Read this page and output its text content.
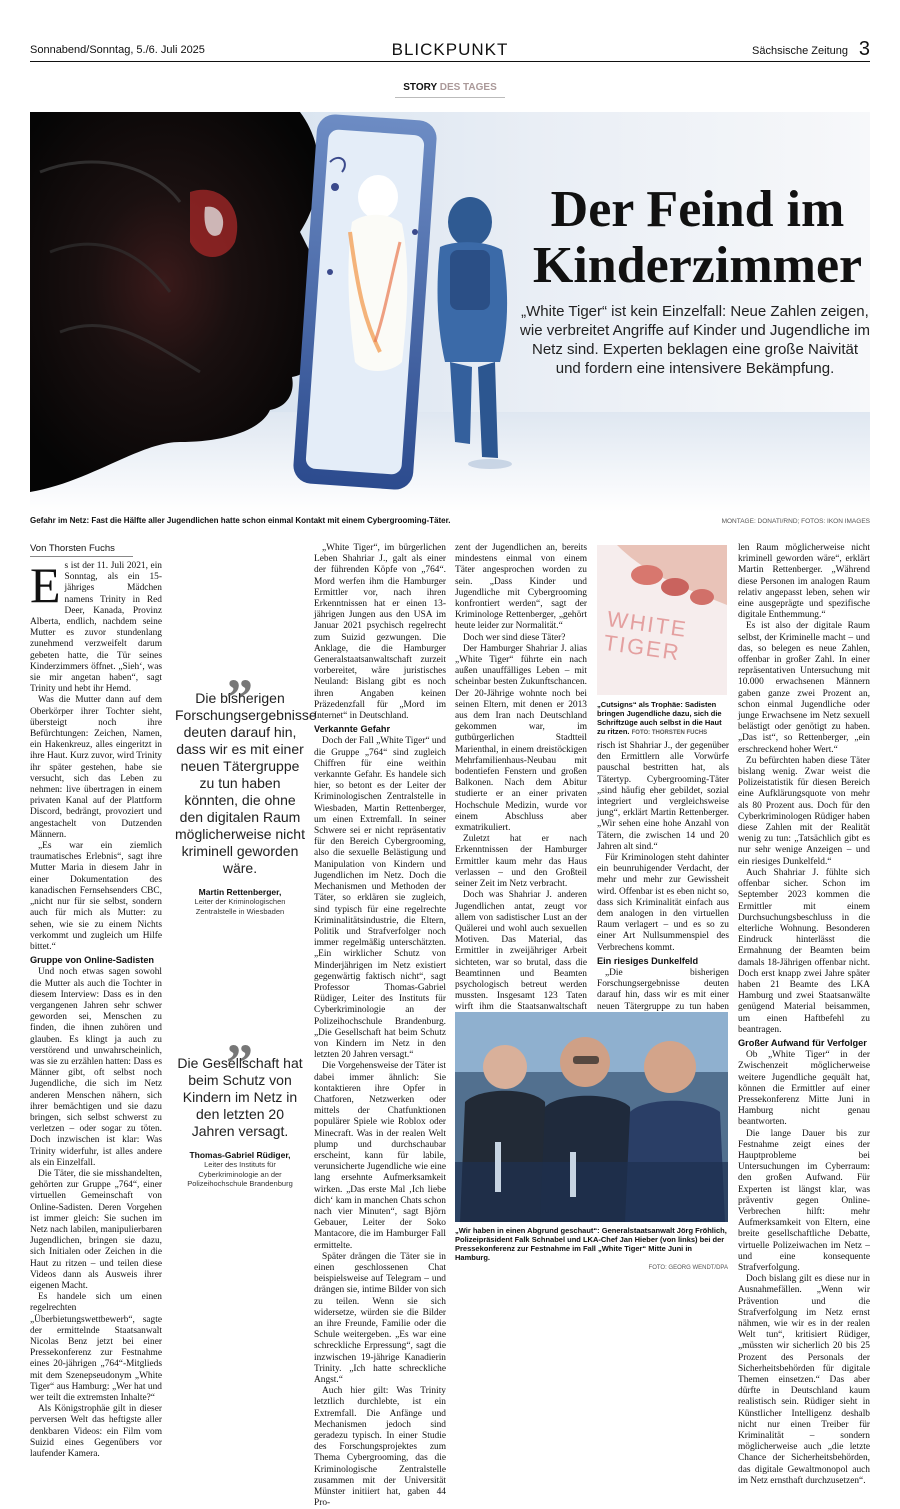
Sonnabend/Sonntag, 5./6. Juli 2025	BLICKPUNKT	Sächsische Zeitung 3
STORY DES TAGES
Der Feind im
Kinderzimmer
„White Tiger“ ist kein Einzelfall: Neue Zahlen zeigen, wie verbreitet Angriffe auf Kinder und Jugendliche im Netz sind. Experten beklagen eine große Naivität und fordern eine intensivere Bekämpfung.
Gefahr im Netz: Fast die Hälfte aller Jugendlichen hatte schon einmal Kontakt mit einem Cybergrooming-Täter.	MONTAGE: DONATI/RND; FOTOS: IKON IMAGES
Von Thorsten Fuchs

Es ist der 11. Juli 2021, ein Sonntag, als ein 15-jähriges Mädchen namens Trinity in Red Deer, Kanada, Provinz Alberta, endlich, nachdem seine Mutter es zuvor stundenlang zunehmend verzweifelt darum gebeten hatte, die Tür seines Kinderzimmers öffnet. „Sieh‘, was sie mir angetan haben“, sagt Trinity und hebt ihr Hemd.

Was die Mutter dann auf dem Oberkörper ihrer Tochter sieht, übersteigt noch ihre Befürchtungen: Zeichen, Namen, ein Hakenkreuz, alles eingeritzt in ihre Haut. Kurz zuvor, wird Trinity ihr später gestehen, habe sie versucht, sich das Leben zu nehmen: live übertragen in einem privaten Kanal auf der Plattform Discord, bedrängt, provoziert und angestachelt von Dutzenden Männern.

„Es war ein ziemlich traumatisches Erlebnis“, sagt ihre Mutter Maria in diesem Jahr in einer Dokumentation des kanadischen Fernsehsenders CBC, „nicht nur für sie selbst, sondern auch für mich als Mutter: zu sehen, wie sie zu einem Nichts verkommt und zugleich um Hilfe bittet.“

Gruppe von Online-Sadisten

Und noch etwas sagen sowohl die Mutter als auch die Tochter in diesem Interview: Dass es in den vergangenen Jahren sehr schwer geworden sei, Menschen zu finden, die ihnen zuhören und glauben. Es klingt ja auch zu verstörend und unwahrscheinlich, was sie zu erzählen hatten: Dass es Männer gibt, oft selbst noch Jugendliche, die sich im Netz anderen Menschen nähern, sich ihrer bemächtigen und sie dazu bringen, sich selbst schwerst zu verletzen – oder sogar zu töten. Doch inzwischen ist klar: Was Trinity widerfuhr, ist alles andere als ein Einzelfall.

Die Täter, die sie misshandelten, gehörten zur Gruppe „764“, einer virtuellen Gemeinschaft von Online-Sadisten. Deren Vorgehen ist immer gleich: Sie suchen im Netz nach labilen, manipulierbaren Jugendlichen, bringen sie dazu, sich Initialen oder Zeichen in die Haut zu ritzen – und teilen diese Videos dann als Ausweis ihrer eigenen Macht.

Es handele sich um einen regelrechten „Überbietungswettbewerb“, sagte der ermittelnde Staatsanwalt Nicolas Benz jetzt bei einer Pressekonferenz zur Festnahme eines 20-jährigen „764“-Mitglieds mit dem Szenepseudonym „White Tiger“ aus Hamburg: „Wer hat und wer teilt die extremsten Inhalte?“

Als Königstrophäe gilt in dieser perversen Welt das heftigste aller denkbaren Videos: ein Film vom Suizid eines Gegenübers vor laufender Kamera.

„
Die bisherigen Forschungsergebnisse deuten darauf hin, dass wir es mit einer neuen Tätergruppe zu tun haben könnten, die ohne den digitalen Raum möglicherweise nicht kriminell geworden wäre.
Martin Rettenberger,
Leiter der Kriminologischen Zentralstelle in Wiesbaden
„
Die Gesellschaft hat beim Schutz von Kindern im Netz in den letzten 20 Jahren versagt.
Thomas-Gabriel Rüdiger,
Leiter des Instituts für Cyberkriminologie an der Polizeihochschule Brandenburg

„White Tiger“, im bürgerlichen Leben Shahriar J., galt als einer der führenden Köpfe von „764“. Mord werfen ihm die Hamburger Ermittler vor, nach ihren Erkenntnissen hat er einen 13-jährigen Jungen aus den USA im Januar 2021 psychisch regelrecht zum Suizid gezwungen. Die Anklage, die die Hamburger Generalstaatsanwaltschaft zurzeit vorbereitet, wäre juristisches Neuland: Bislang gibt es noch ihren Angaben keinen Präzedenzfall für „Mord im Internet“ in Deutschland.

Verkannte Gefahr

Doch der Fall „White Tiger“ und die Gruppe „764“ sind zugleich Chiffren für eine weithin verkannte Gefahr. Es handele sich hier, so betont es der Leiter der Kriminologischen Zentralstelle in Wiesbaden, Martin Rettenberger, um einen Extremfall. In seiner Schwere sei er nicht repräsentativ für den Bereich Cybergrooming, also die sexuelle Belästigung und Manipulation von Kindern und Jugendlichen im Netz. Doch die Mechanismen und Methoden der Täter, so erklären sie zugleich, sind typisch für eine regelrechte Kriminalitätsindustrie, die Eltern, Politik und Strafverfolger noch immer regelmäßig unterschätzten. „Ein wirklicher Schutz von Minderjährigen im Netz existiert gegenwärtig faktisch nicht“, sagt Professor Thomas-Gabriel Rüdiger, Leiter des Instituts für Cyberkriminologie an der Polizeihochschule Brandenburg. „Die Gesellschaft hat beim Schutz von Kindern im Netz in den letzten 20 Jahren versagt.“

Die Vorgehensweise der Täter ist dabei immer ähnlich: Sie kontaktieren ihre Opfer in Chatforen, Netzwerken oder mittels der Chatfunktionen populärer Spiele wie Roblox oder Minecraft. Was in der realen Welt plump und durchschaubar erscheint, kann für labile, verunsicherte Jugendliche wie eine lang ersehnte Aufmerksamkeit wirken. „Das erste Mal ‚Ich liebe dich‘ kam in manchen Chats schon nach vier Minuten“, sagt Björn Gebauer, Leiter der Soko Mantacore, die im Hamburger Fall ermittelte.

Später drängen die Täter sie in einen geschlossenen Chat beispielsweise auf Telegram – und drängen sie, intime Bilder von sich zu teilen. Wenn sie sich widersetze, würden sie die Bilder an ihre Freunde, Familie oder die Schule weitergeben. „Es war eine schreckliche Erpressung“, sagt die inzwischen 19-jährige Kanadierin Trinity. „Ich hatte schreckliche Angst.“

Auch hier gilt: Was Trinity letztlich durchlebte, ist ein Extremfall. Die Anfänge und Mechanismen jedoch sind geradezu typisch. In einer Studie des Forschungsprojektes zum Thema Cybergrooming, das die Kriminologische Zentralstelle zusammen mit der Universität Münster initiiert hat, gaben 44 Pro-

zent der Jugendlichen an, bereits mindestens einmal von einem Täter angesprochen worden zu sein. „Dass Kinder und Jugendliche mit Cybergrooming konfrontiert werden“, sagt der Kriminologe Rettenberger, „gehört heute leider zur Normalität.“

Doch wer sind diese Täter?

Der Hamburger Shahriar J. alias „White Tiger“ führte ein nach außen unauffälliges Leben – mit scheinbar besten Zukunftschancen. Der 20-Jährige wohnte noch bei seinen Eltern, mit denen er 2013 aus dem Iran nach Deutschland gekommen war, im gutbürgerlichen Stadtteil Marienthal, in einem dreistöckigen Mehrfamilienhaus-Neubau mit bodentiefen Fenstern und großen Balkonen. Nach dem Abitur studierte er an einer privaten Hochschule Medizin, wurde vor einem Abschluss aber exmatrikuliert.

Zuletzt hat er nach Erkenntnissen der Hamburger Ermittler kaum mehr das Haus verlassen – und den Großteil seiner Zeit im Netz verbracht.

Doch was Shahriar J. anderen Jugendlichen antat, zeugt vor allem von sadistischer Lust an der Quälerei und wohl auch sexuellen Motiven. Das Material, das Ermittler in zweijähriger Arbeit sichteten, war so brutal, dass die Beamtinnen und Beamten psychologisch betreut werden mussten. Insgesamt 123 Taten wirft ihm die Staatsanwaltschaft

WHITE TIGER
„Cutsigns“ als Trophäe: Sadisten bringen Jugendliche dazu, sich die Schriftzüge auch selbst in die Haut zu ritzen. FOTO: THORSTEN FUCHS

risch ist Shahriar J., der gegenüber den Ermittlern alle Vorwürfe pauschal bestritten hat, als Tätertyp. Cybergrooming-Täter „sind häufig eher gebildet, sozial integriert und vergleichsweise jung“, erklärt Martin Rettenberger. „Wir sehen eine hohe Anzahl von Tätern, die zwischen 14 und 20 Jahren alt sind.“

Für Kriminologen steht dahinter ein beunruhigender Verdacht, der mehr und mehr zur Gewissheit wird. Offenbar ist es eben nicht so, dass sich Kriminalität einfach aus dem analogen in den virtuellen Raum verlagert – und es so zu einer Art Nullsummenspiel des Verbrechens kommt.

Ein riesiges Dunkelfeld

„Die bisherigen Forschungsergebnisse deuten darauf hin, dass wir es mit einer neuen Tätergruppe zu tun haben

len Raum möglicherweise nicht kriminell geworden wäre“, erklärt Martin Rettenberger. „Während diese Personen im analogen Raum relativ angepasst leben, sehen wir eine ausgeprägte und spezifische digitale Enthemmung.“

Es ist also der digitale Raum selbst, der Kriminelle macht – und das, so belegen es neue Zahlen, offenbar in großer Zahl. In einer repräsentativen Untersuchung mit 10.000 erwachsenen Männern gaben ganze zwei Prozent an, schon einmal Jugendliche oder junge Erwachsene im Netz sexuell belästigt oder genötigt zu haben. „Das ist“, so Rettenberger, „ein erschreckend hoher Wert.“

Zu befürchten haben diese Täter bislang wenig. Zwar weist die Polizeistatistik für diesen Bereich eine Aufklärungsquote von mehr als 80 Prozent aus. Doch für den Cyberkriminologen Rüdiger haben diese Zahlen mit der Realität wenig zu tun: „Tatsächlich gibt es nur sehr wenige Anzeigen – und ein riesiges Dunkelfeld.“

Auch Shahriar J. fühlte sich offenbar sicher. Schon im September 2023 kommen die Ermittler mit einem Durchsuchungsbeschluss in die elterliche Wohnung. Besonderen Eindruck hinterlässt die Ermahnung der Beamten beim damals 18-Jährigen offenbar nicht. Doch erst knapp zwei Jahre später haben 21 Beamte des LKA Hamburg und zwei Staatsanwälte genügend Material beisammen, um einen Haftbefehl zu beantragen.

Großer Aufwand für Verfolger

Ob „White Tiger“ in der Zwischenzeit möglicherweise weitere Jugendliche gequält hat, können die Ermittler auf einer Pressekonferenz Mitte Juni in Hamburg nicht genau beantworten.

Die lange Dauer bis zur Festnahme zeigt eines der Hauptprobleme bei Untersuchungen im Cyberraum: den großen Aufwand. Für Experten ist längst klar, was präventiv gegen Online-Verbrechen hilft: mehr Aufmerksamkeit von Eltern, eine breite gesellschaftliche Debatte, virtuelle Polizeiwachen im Netz – und eine konsequente Strafverfolgung.

Doch bislang gilt es diese nur in Ausnahmefällen. „Wenn wir Prävention und die Strafverfolgung im Netz ernst nähmen, wie wir es in der realen Welt tun“, kritisiert Rüdiger, „müssten wir sicherlich 20 bis 25 Prozent des Personals der Sicherheitsbehörden für digitale Themen einsetzen.“ Das aber dürfte in Deutschland kaum realistisch sein. Rüdiger sieht in Künstlicher Intelligenz deshalb nicht nur einen Treiber für Kriminalität – sondern möglicherweise auch „die letzte Chance der Sicherheitsbehörden, das digitale Gewaltmonopol auch im Netz ernsthaft durchzusetzen“.

„Wir haben in einen Abgrund geschaut“: Generalstaatsanwalt Jörg Fröhlich, Polizeipräsident Falk Schnabel und LKA-Chef Jan Hieber (von links) bei der Pressekonferenz zur Festnahme im Fall „White Tiger“ Mitte Juni in Hamburg.
FOTO: GEORG WENDT/DPA
